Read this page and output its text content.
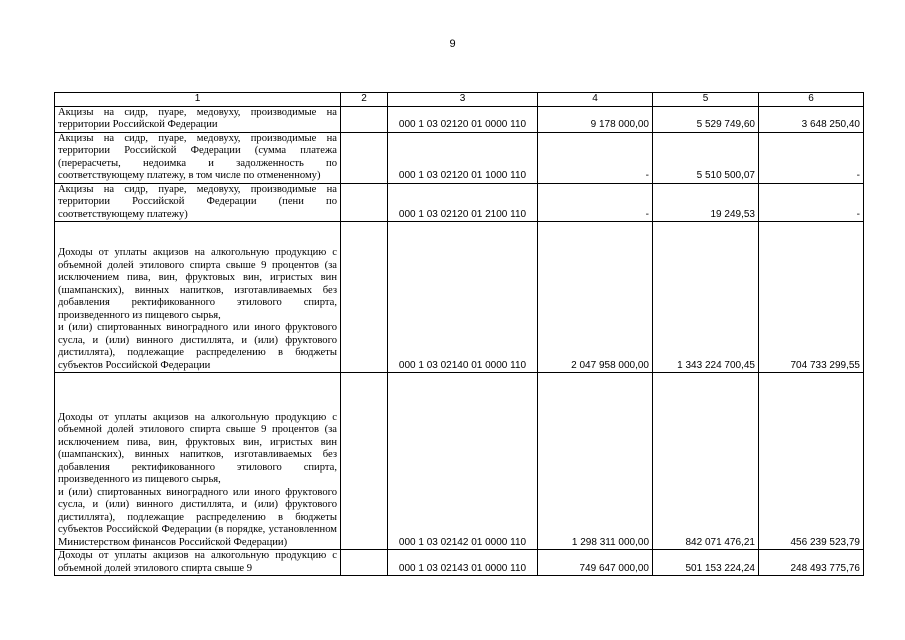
9
1	2	3	4	5	6
Акцизы на сидр, пуаре, медовуху, производимые на территории Российской Федерации		000 1 03 02120 01 0000 110	9 178 000,00	5 529 749,60	3 648 250,40
Акцизы на сидр, пуаре, медовуху, производимые на территории Российской Федерации (сумма платежа (перерасчеты, недоимка и задолженность по соответствующему платежу, в том числе по отмененному)		000 1 03 02120 01 1000 110	-	5 510 500,07	-
Акцизы на сидр, пуаре, медовуху, производимые на территории Российской Федерации (пени по соответствующему платежу)		000 1 03 02120 01 2100 110	-	19 249,53	-
Доходы от уплаты акцизов на алкогольную продукцию с объемной долей этилового спирта свыше 9 процентов (за исключением пива, вин, фруктовых вин, игристых вин (шампанских), винных напитков, изготавливаемых без добавления ректификованного этилового спирта, произведенного из пищевого сырья,
и (или) спиртованных виноградного или иного фруктового сусла, и (или) винного дистиллята, и (или) фруктового дистиллята), подлежащие распределению в бюджеты субъектов Российской Федерации		000 1 03 02140 01 0000 110	2 047 958 000,00	1 343 224 700,45	704 733 299,55
Доходы от уплаты акцизов на алкогольную продукцию с объемной долей этилового спирта свыше 9 процентов (за исключением пива, вин, фруктовых вин, игристых вин (шампанских), винных напитков, изготавливаемых без добавления ректификованного этилового спирта, произведенного из пищевого сырья,
и (или) спиртованных виноградного или иного фруктового сусла, и (или) винного дистиллята, и (или) фруктового дистиллята), подлежащие распределению в бюджеты субъектов Российской Федерации (в порядке, установленном Министерством финансов Российской Федерации)		000 1 03 02142 01 0000 110	1 298 311 000,00	842 071 476,21	456 239 523,79
Доходы от уплаты акцизов на алкогольную продукцию с объемной долей этилового спирта свыше 9		000 1 03 02143 01 0000 110	749 647 000,00	501 153 224,24	248 493 775,76
